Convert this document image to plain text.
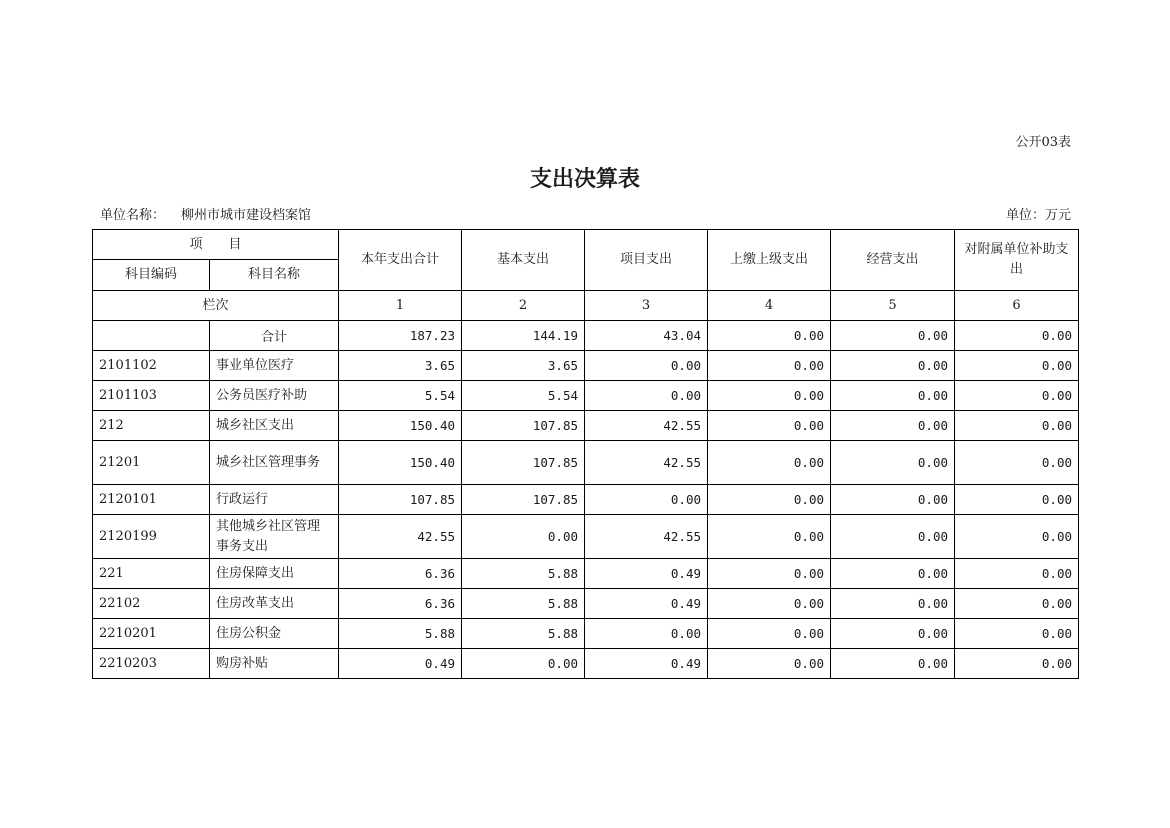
公开03表
支出决算表
单位名称： 柳州市城市建设档案馆	单位：万元
项　　目		本年支出合计	基本支出	项目支出	上缴上级支出	经营支出	对附属单位补助支出
科目编码	科目名称						
栏次		1	2	3	4	5	6
	合计	187.23	144.19	43.04	0.00	0.00	0.00
2101102	事业单位医疗	3.65	3.65	0.00	0.00	0.00	0.00
2101103	公务员医疗补助	5.54	5.54	0.00	0.00	0.00	0.00
212	城乡社区支出	150.40	107.85	42.55	0.00	0.00	0.00
21201	城乡社区管理事务	150.40	107.85	42.55	0.00	0.00	0.00
2120101	行政运行	107.85	107.85	0.00	0.00	0.00	0.00
2120199	其他城乡社区管理事务支出	42.55	0.00	42.55	0.00	0.00	0.00
221	住房保障支出	6.36	5.88	0.49	0.00	0.00	0.00
22102	住房改革支出	6.36	5.88	0.49	0.00	0.00	0.00
2210201	住房公积金	5.88	5.88	0.00	0.00	0.00	0.00
2210203	购房补贴	0.49	0.00	0.49	0.00	0.00	0.00
